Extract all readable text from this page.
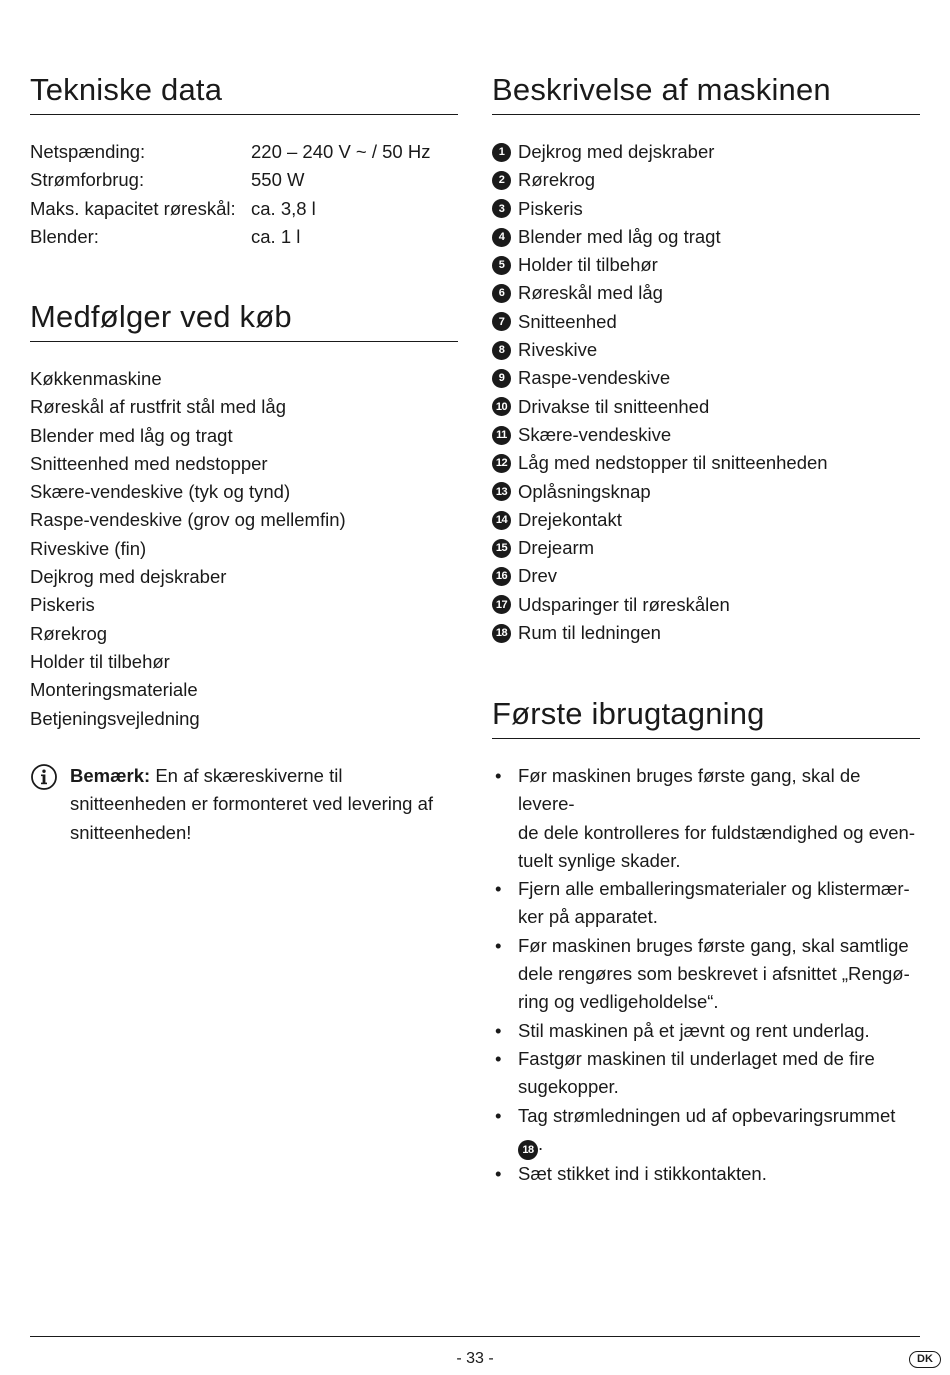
Tekniske data
Netspænding:	220 – 240 V ~ / 50 Hz
Strømforbrug:	550 W
Maks. kapacitet røreskål: ca. 3,8 l
Blender:	ca. 1 l
Medfølger ved køb
Køkkenmaskine
Røreskål af rustfrit stål med låg
Blender med låg og tragt
Snitteenhed med nedstopper
Skære-vendeskive (tyk og tynd)
Raspe-vendeskive (grov og mellemfin)
Riveskive (fin)
Dejkrog med dejskraber
Piskeris
Rørekrog
Holder til tilbehør
Monteringsmateriale
Betjeningsvejledning
Bemærk: En af skæreskiverne til snitteenheden er formonteret ved levering af snitteenheden!
Beskrivelse af maskinen
1 Dejkrog med dejskraber
2 Rørekrog
3 Piskeris
4 Blender med låg og tragt
5 Holder til tilbehør
6 Røreskål med låg
7 Snitteenhed
8 Riveskive
9 Raspe-vendeskive
10 Drivakse til snitteenhed
11 Skære-vendeskive
12 Låg med nedstopper til snitteenheden
13 Oplåsningsknap
14 Drejekontakt
15 Drejearm
16 Drev
17 Udsparinger til røreskålen
18 Rum til ledningen
Første ibrugtagning
• Før maskinen bruges første gang, skal de levere-
de dele kontrolleres for fuldstændighed og even-
tuelt synlige skader.
• Fjern alle emballeringsmaterialer og klistermær-
ker på apparatet.
• Før maskinen bruges første gang, skal samtlige
dele rengøres som beskrevet i afsnittet „Rengø-
ring og vedligeholdelse“.
• Stil maskinen på et jævnt og rent underlag.
• Fastgør maskinen til underlaget med de fire
sugekopper.
• Tag strømledningen ud af opbevaringsrummet 18 .
• Sæt stikket ind i stikkontakten.
- 33 -	DK
